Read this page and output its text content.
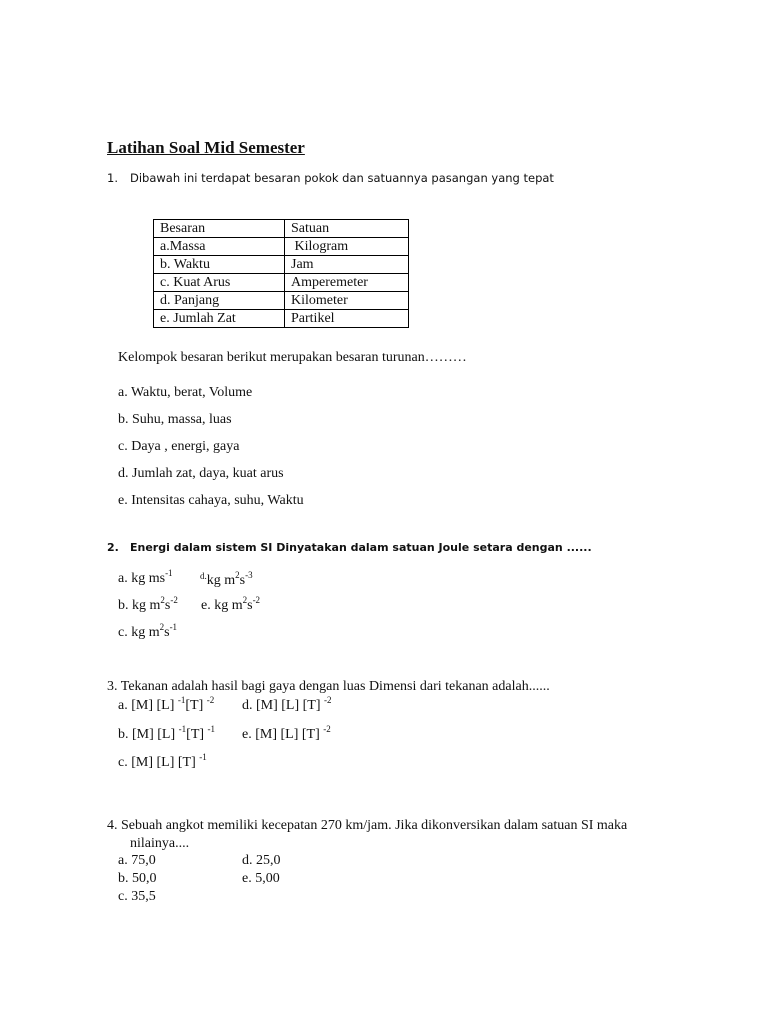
Latihan Soal Mid Semester
1. Dibawah ini terdapat besaran pokok dan satuannya pasangan yang tepat
Besaran	Satuan
a.Massa	Kilogram
b. Waktu	Jam
c. Kuat Arus	Amperemeter
d. Panjang	Kilometer
e. Jumlah Zat	Partikel
Kelompok besaran berikut merupakan besaran turunan………
a. Waktu, berat, Volume
b. Suhu, massa, luas
c. Daya , energi, gaya
d. Jumlah zat, daya, kuat arus
e. Intensitas cahaya, suhu, Waktu
2. Energi dalam sistem SI Dinyatakan dalam satuan Joule setara dengan ......
a. kg $ms^{-1}$	$^{d.}$kg $m^2s^{-3}$
b. kg $m^2s^{-2}$ e. kg $m^2s^{-2}$
c. kg $m^2s^{-1}$
3. Tekanan adalah hasil bagi gaya dengan luas Dimensi dari tekanan adalah......
a. [M] [L] $^{-1}$[T] $^{-2}$ d. [M] [L] [T] $^{-2}$
b. [M] [L] $^{-1}$[T] $^{-1}$ e. [M] [L] [T] $^{-2}$
c. [M] [L] [T] $^{-1}$
4. Sebuah angkot memiliki kecepatan 270 km/jam. Jika dikonversikan dalam satuan SI maka
nilainya....
a. 75,0	d. 25,0
b. 50,0	e. 5,00
c. 35,5
